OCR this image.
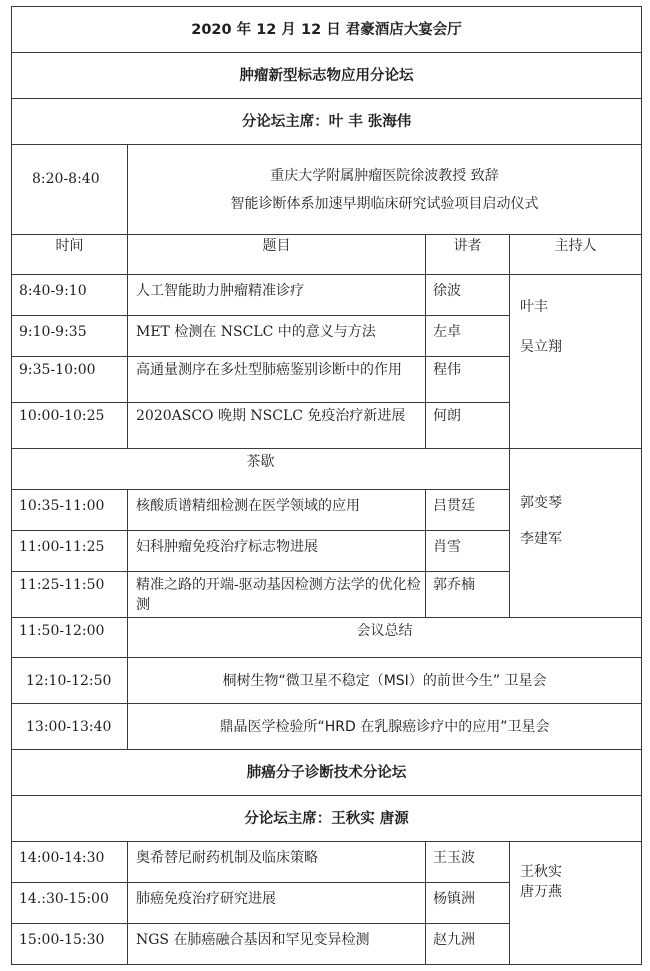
2020 年 12 月 12 日 君豪酒店大宴会厅			
肿瘤新型标志物应用分论坛			
分论坛主席：叶 丰 张海伟			
8:20-8:40	重庆大学附属肿瘤医院徐波教授 致辞
智能诊断体系加速早期临床研究试验项目启动仪式		

时间	题目	讲者	主持人
8:40-9:10	人工智能助力肿瘤精准诊疗	徐波	叶丰
吴立翔

9:10-9:35	MET 检测在 NSCLC 中的意义与方法	左卓	
9:35-10:00	高通量测序在多灶型肺癌鉴别诊断中的作用	程伟	
10:00-10:25	2020ASCO 晚期 NSCLC 免疫治疗新进展	何朗	
茶歇			郭变琴
李建军

10:35-11:00	核酸质谱精细检测在医学领域的应用	吕贯廷	
11:00-11:25	妇科肿瘤免疫治疗标志物进展	肖雪	
11:25-11:50	精准之路的开端-驱动基因检测方法学的优化检测	郭乔楠	
11:50-12:00	会议总结		
12:10-12:50	桐树生物“微卫星不稳定（MSI）的前世今生” 卫星会		
13:00-13:40	鼎晶医学检验所“HRD 在乳腺癌诊疗中的应用”卫星会		
肺癌分子诊断技术分论坛			
分论坛主席：王秋实 唐源			
14:00-14:30	奥希替尼耐药机制及临床策略	王玉波	王秋实
唐万燕

14.:30-15:00	肺癌免疫治疗研究进展	杨镇洲	
15:00-15:30	NGS 在肺癌融合基因和罕见变异检测	赵九洲	
